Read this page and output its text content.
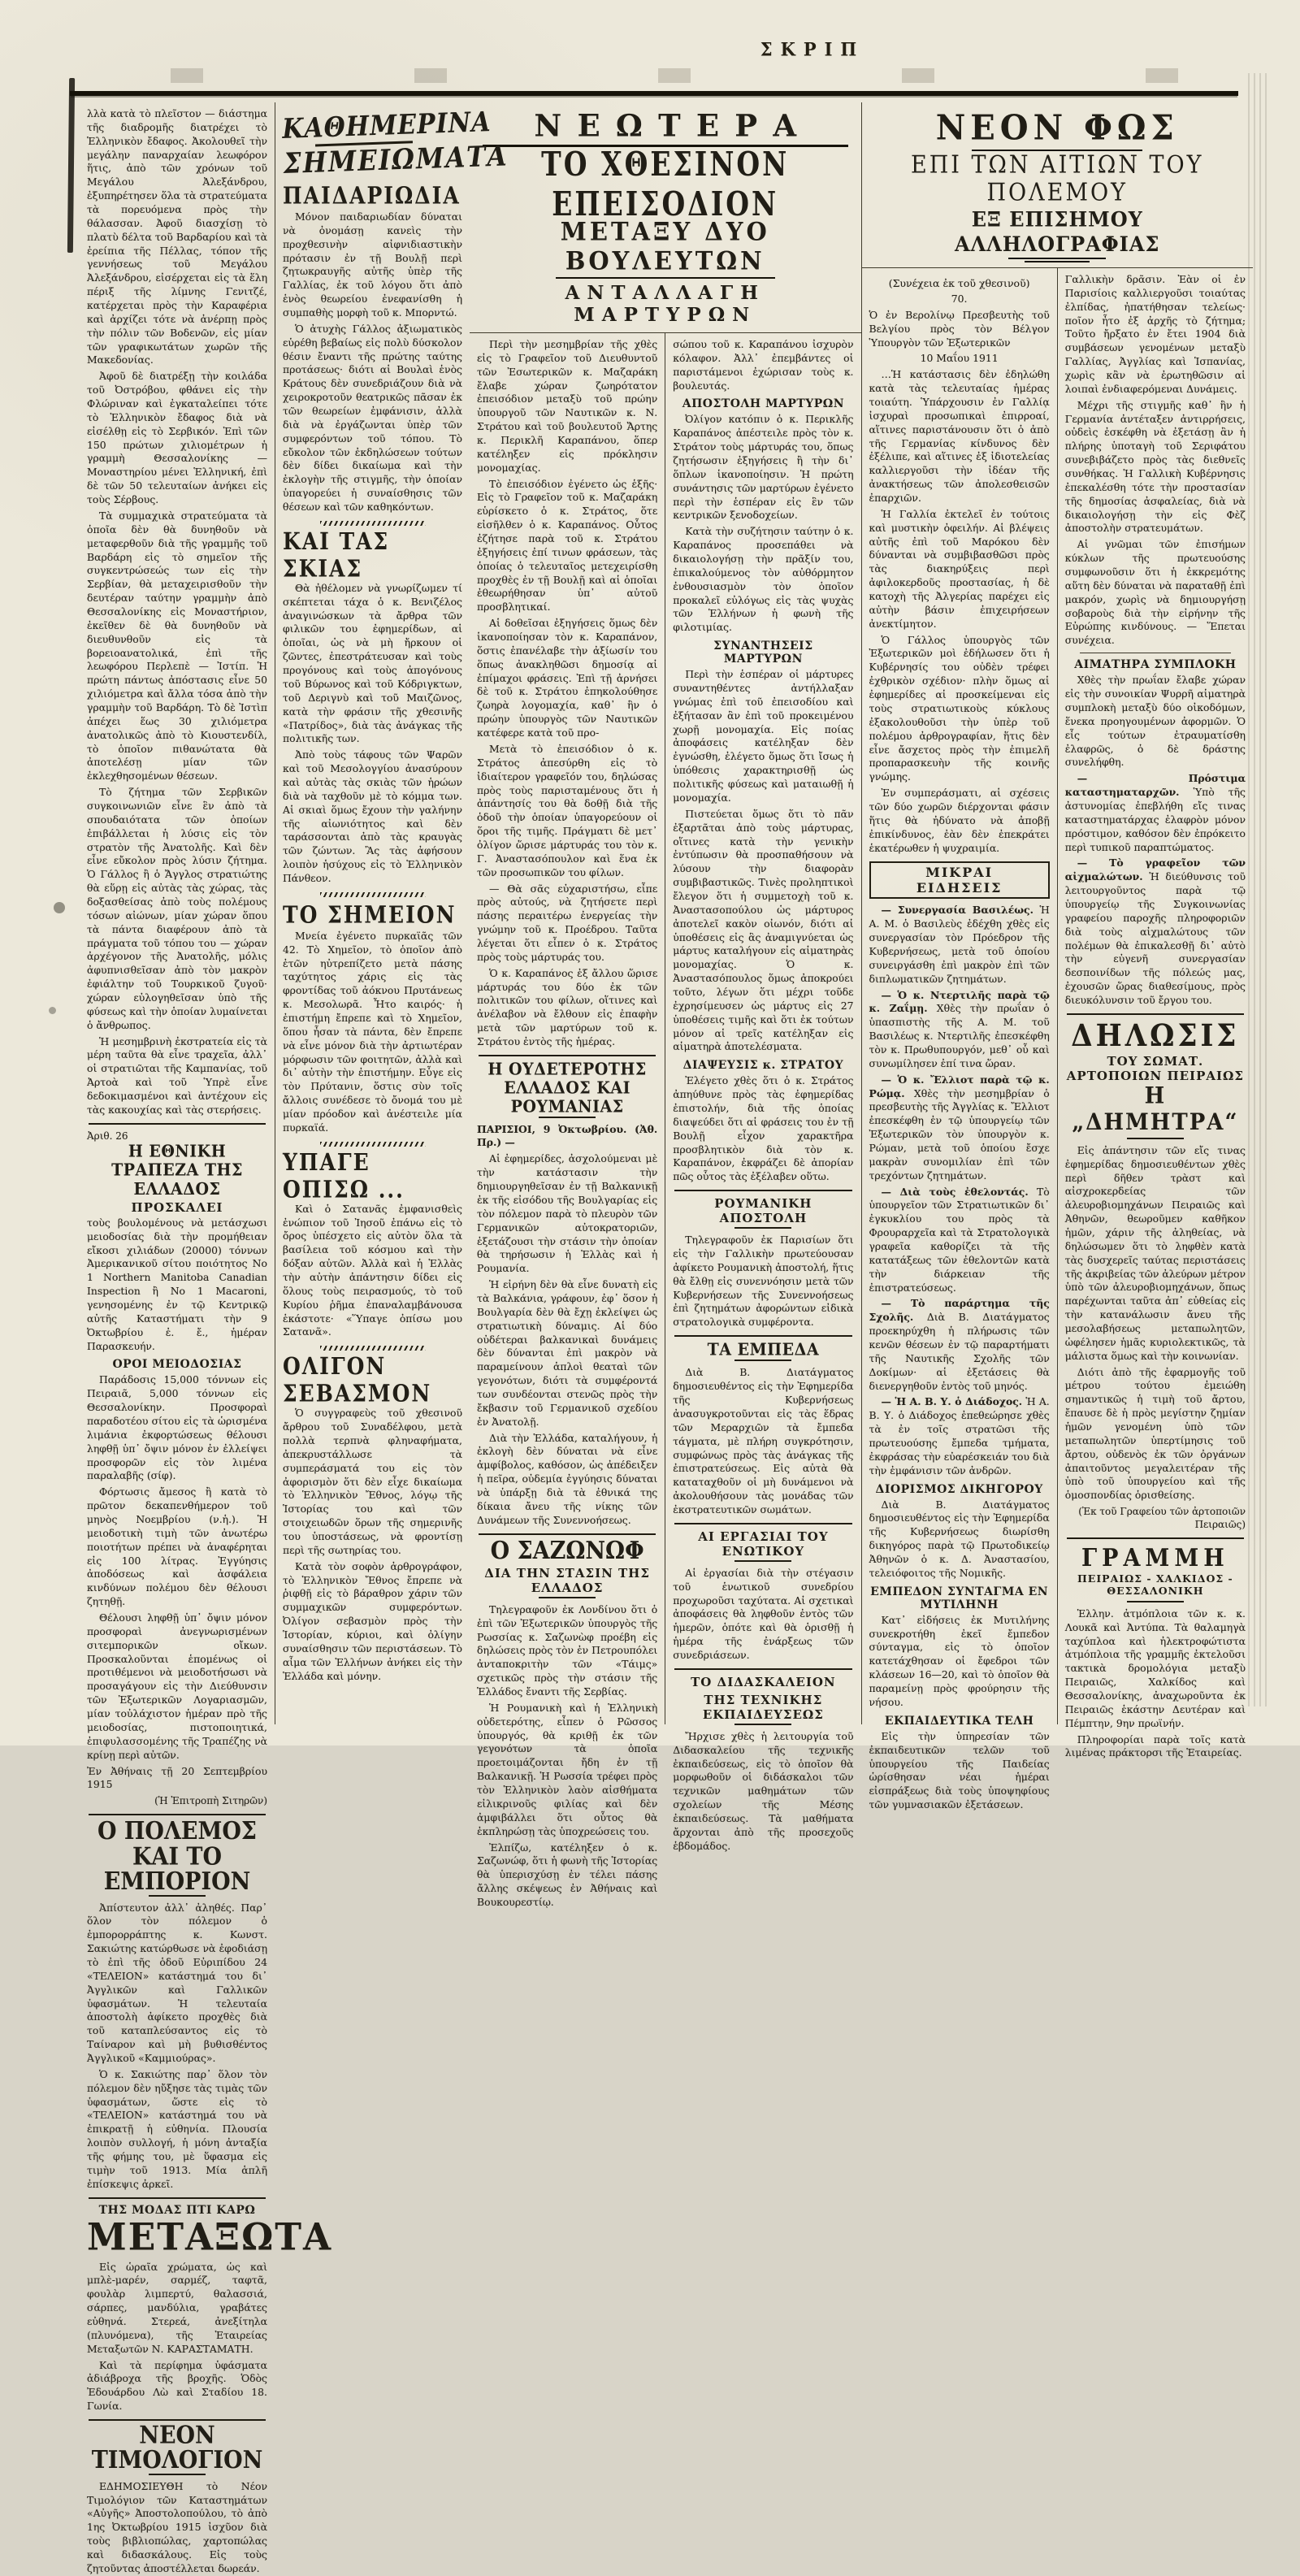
ΣΚΡΙΠ

λλὰ κατὰ τὸ πλεῖστον — διάστημα τῆς διαδρομῆς διατρέχει τὸ Ἑλληνικὸν ἔδαφος. Ἀκολουθεῖ τὴν μεγάλην παναρχαίαν λεωφόρον ἥτις, ἀπὸ τῶν χρόνων τοῦ Μεγάλου Ἀλεξάνδρου, ἐξυπηρέτησεν ὅλα τὰ στρατεύματα τὰ πορευόμενα πρὸς τὴν θάλασσαν. Ἀφοῦ διασχίσῃ τὸ πλατὺ δέλτα τοῦ Βαρδαρίου καὶ τὰ ἐρείπια τῆς Πέλλας, τόπον τῆς γεννήσεως τοῦ Μεγάλου Ἀλεξάνδρου, εἰσέρχεται εἰς τὰ ἕλη πέριξ τῆς λίμνης Γενιτζέ, κατέρχεται πρὸς τὴν Καραφέρια καὶ ἀρχίζει τότε νὰ ἀνέρπῃ πρὸς τὴν πόλιν τῶν Βοδενῶν, εἰς μίαν τῶν γραφικωτάτων χωρῶν τῆς Μακεδονίας.

Ἀφοῦ δὲ διατρέξῃ τὴν κοιλάδα τοῦ Ὀστρόβου, φθάνει εἰς τὴν Φλώριναν καὶ ἐγκαταλείπει τότε τὸ Ἑλληνικὸν ἔδαφος διὰ νὰ εἰσέλθῃ εἰς τὸ Σερβικόν. Ἐπὶ τῶν 150 πρώτων χιλιομέτρων ἡ γραμμὴ Θεσσαλονίκης — Μοναστηρίου μένει Ἑλληνική, ἐπὶ δὲ τῶν 50 τελευταίων ἀνήκει εἰς τοὺς Σέρβους.

Τὰ συμμαχικὰ στρατεύματα τὰ ὁποῖα δὲν θὰ δυνηθοῦν νὰ μεταφερθοῦν διὰ τῆς γραμμῆς τοῦ Βαρδάρη εἰς τὸ σημεῖον τῆς συγκεντρώσεώς των εἰς τὴν Σερβίαν, θὰ μεταχειρισθοῦν τὴν δευτέραν ταύτην γραμμὴν ἀπὸ Θεσσαλονίκης εἰς Μοναστήριον, ἐκεῖθεν δὲ θὰ δυνηθοῦν νὰ διευθυνθοῦν εἰς τὰ βορειοανατολικά, ἐπὶ τῆς λεωφόρου Περλεπὲ — Ἰστίπ. Ἡ πρώτη πάντως ἀπόστασις εἶνε 50 χιλιόμετρα καὶ ἄλλα τόσα ἀπὸ τὴν γραμμὴν τοῦ Βαρδάρη. Τὸ δὲ Ἰστὶπ ἀπέχει ἕως 30 χιλιόμετρα ἀνατολικῶς ἀπὸ τὸ Κιουστενδίλ, τὸ ὁποῖον πιθανώτατα θὰ ἀποτελέσῃ μίαν τῶν ἐκλεχθησομένων θέσεων.

Τὸ ζήτημα τῶν Σερβικῶν συγκοινωνιῶν εἶνε ἓν ἀπὸ τὰ σπουδαιότατα τῶν ὁποίων ἐπιβάλλεται ἡ λύσις εἰς τὸν στρατὸν τῆς Ἀνατολῆς. Καὶ δὲν εἶνε εὔκολον πρὸς λύσιν ζήτημα. Ὁ Γάλλος ἢ ὁ Ἄγγλος στρατιώτης θὰ εὕρῃ εἰς αὐτὰς τὰς χώρας, τὰς δοξασθείσας ἀπὸ τοὺς πολέμους τόσων αἰώνων, μίαν χώραν ὅπου τὰ πάντα διαφέρουν ἀπὸ τὰ πράγματα τοῦ τόπου του — χώραν ἀρχέγονον τῆς Ἀνατολῆς, μόλις ἀφυπνισθεῖσαν ἀπὸ τὸν μακρὸν ἐφιάλτην τοῦ Τουρκικοῦ ζυγοῦ· χώραν εὐλογηθεῖσαν ὑπὸ τῆς φύσεως καὶ τὴν ὁποίαν λυμαίνεται ὁ ἄνθρωπος.

Ἡ μεσημβρινὴ ἐκστρατεία εἰς τὰ μέρη ταῦτα θὰ εἶνε τραχεῖα, ἀλλ᾽ οἱ στρατιῶται τῆς Καμπανίας, τοῦ Ἀρτοὰ καὶ τοῦ Ὑπρὲ εἶνε δεδοκιμασμένοι καὶ ἀντέχουν εἰς τὰς κακουχίας καὶ τὰς στερήσεις.

Ἀριθ. 26

Η ΕΘΝΙΚΗ ΤΡΑΠΕΖΑ ΤΗΣ ΕΛΛΑΔΟΣ
ΠΡΟΣΚΑΛΕΙ

τοὺς βουλομένους νὰ μετάσχωσι μειοδοσίας διὰ τὴν προμήθειαν εἴκοσι χιλιάδων (20000) τόννων Ἀμερικανικοῦ σίτου ποιότητος Νο 1 Northern Manitoba Canadian Inspection ἢ Νο 1 Macaroni, γενησομένης ἐν τῷ Κεντρικῷ αὐτῆς Καταστήματι τὴν 9 Ὀκτωβρίου ἐ. ἔ., ἡμέραν Παρασκευήν.

ΟΡΟΙ ΜΕΙΟΔΟΣΙΑΣ

Παράδοσις 15,000 τόννων εἰς Πειραιᾶ, 5,000 τόννων εἰς Θεσσαλονίκην. Προσφοραὶ παραδοτέου σίτου εἰς τὰ ὡρισμένα λιμάνια ἐκφορτώσεως θέλουσι ληφθῇ ὑπ᾽ ὄψιν μόνον ἐν ἐλλείψει προσφορῶν εἰς τὸν λιμένα παραλαβῆς (σίφ).

Φόρτωσις ἄμεσος ἢ κατὰ τὸ πρῶτον δεκαπενθήμερον τοῦ μηνὸς Νοεμβρίου (ν.ἡ.). Ἡ μειοδοτικὴ τιμὴ τῶν ἀνωτέρω ποιοτήτων πρέπει νὰ ἀναφέρηται εἰς 100 λίτρας. Ἐγγύησις ἀποδόσεως καὶ ἀσφάλεια κινδύνων πολέμου δὲν θέλουσι ζητηθῇ.

Θέλουσι ληφθῇ ὑπ᾽ ὄψιν μόνον προσφοραὶ ἀνεγνωρισμένων σιτεμπορικῶν οἴκων. Προσκαλοῦνται ἑπομένως οἱ προτιθέμενοι νὰ μειοδοτήσωσι νὰ προσαγάγουν εἰς τὴν Διεύθυνσιν τῶν Ἐξωτερικῶν Λογαριασμῶν, μίαν τοὐλάχιστον ἡμέραν πρὸ τῆς μειοδοσίας, πιστοποιητικά, ἐπιφυλασσομένης τῆς Τραπέζης νὰ κρίνῃ περὶ αὐτῶν.

Ἐν Ἀθήναις τῇ 20 Σεπτεμβρίου 1915

(Ἡ Ἐπιτροπὴ Σιτηρῶν)

Ο ΠΟΛΕΜΟΣ
ΚΑΙ ΤΟ ΕΜΠΟΡΙΟΝ

Ἀπίστευτον ἀλλ᾽ ἀληθές. Παρ᾽ ὅλον τὸν πόλεμον ὁ ἐμπορορράπτης κ. Κωνστ. Σακιώτης κατώρθωσε νὰ ἐφοδιάσῃ τὸ ἐπὶ τῆς ὁδοῦ Εὐριπίδου 24 «ΤΕΛΕΙΟΝ» κατάστημά του δι᾽ Ἀγγλικῶν καὶ Γαλλικῶν ὑφασμάτων. Ἡ τελευταία ἀποστολὴ ἀφίκετο προχθὲς διὰ τοῦ καταπλεύσαντος εἰς τὸ Ταίναρον καὶ μὴ βυθισθέντος Ἀγγλικοῦ «Καμμιούρας».

Ὁ κ. Σακιώτης παρ᾽ ὅλον τὸν πόλεμον δὲν ηὔξησε τὰς τιμὰς τῶν ὑφασμάτων, ὥστε εἰς τὸ «ΤΕΛΕΙΟΝ» κατάστημά του νὰ ἐπικρατῇ ἡ εὐθηνία. Πλουσία λοιπὸν συλλογή, ἡ μόνη ἀνταξία τῆς φήμης του, μὲ ὕφασμα εἰς τιμὴν τοῦ 1913. Μία ἁπλῆ ἐπίσκεψις ἀρκεῖ.

ΤΗΣ ΜΟΔΑΣ ΠΤΙ ΚΑΡΩ
ΜΕΤΑΞΩΤΑ

Εἰς ὡραῖα χρώματα, ὡς καὶ μπλὲ-μαρέν, σαρμέζ, ταφτᾶ, φουλὰρ λιμπερτύ, θαλασσιά, σάρπες, μανδύλια, γραβάτες εὐθηνά. Στερεά, ἀνεξίτηλα (πλυνόμενα), τῆς Ἑταιρείας Μεταξωτῶν Ν. ΚΑΡΑΣΤΑΜΑΤΗ.

Καὶ τὰ περίφημα ὑφάσματα ἀδιάβροχα τῆς βροχῆς. Ὁδὸς Ἐδουάρδου Λὼ καὶ Σταδίου 18. Γωνία.

ΝΕΟΝ ΤΙΜΟΛΟΓΙΟΝ

ΕΔΗΜΟΣΙΕΥΘΗ τὸ Νέον Τιμολόγιον τῶν Καταστημάτων «Αὐγῆς» Ἀποστολοπούλου, τὸ ἀπὸ 1ης Ὀκτωβρίου 1915 ἰσχῦον διὰ τοὺς βιβλιοπώλας, χαρτοπώλας καὶ διδασκάλους. Εἰς τοὺς ζητοῦντας ἀποστέλλεται δωρεάν.

ΚΑΘΗΜΕΡΙΝΑ
ΣΗΜΕΙΩΜΑΤΑ
ΠΑΙΔΑΡΙΩΔΙΑ

Μόνον παιδαριωδίαν δύναται νὰ ὀνομάσῃ κανεὶς τὴν προχθεσινὴν αἰφνιδιαστικὴν πρότασιν ἐν τῇ Βουλῇ περὶ ζητωκραυγῆς αὐτῆς ὑπὲρ τῆς Γαλλίας, ἐκ τοῦ λόγου ὅτι ἀπὸ ἑνὸς θεωρείου ἐνεφανίσθη ἡ συμπαθὴς μορφὴ τοῦ κ. Μπορντώ.

Ὁ ἀτυχὴς Γάλλος ἀξιωματικὸς εὑρέθη βεβαίως εἰς πολὺ δύσκολον θέσιν ἔναντι τῆς πρώτης ταύτης προτάσεως· διότι αἱ Βουλαὶ ἑνὸς Κράτους δὲν συνεδριάζουν διὰ νὰ χειροκροτοῦν θεατρικῶς πᾶσαν ἐκ τῶν θεωρείων ἐμφάνισιν, ἀλλὰ διὰ νὰ ἐργάζωνται ὑπὲρ τῶν συμφερόντων τοῦ τόπου. Τὸ εὔκολον τῶν ἐκδηλώσεων τούτων δὲν δίδει δικαίωμα καὶ τὴν ἐκλογὴν τῆς στιγμῆς, τὴν ὁποίαν ὑπαγορεύει ἡ συναίσθησις τῶν θέσεων καὶ τῶν καθηκόντων.

ΚΑΙ ΤΑΣ ΣΚΙΑΣ

Θὰ ἠθέλομεν νὰ γνωρίζωμεν τί σκέπτεται τάχα ὁ κ. Βενιζέλος ἀναγινώσκων τὰ ἄρθρα τῶν φιλικῶν του ἐφημερίδων, αἱ ὁποῖαι, ὡς νὰ μὴ ἤρκουν οἱ ζῶντες, ἐπεστράτευσαν καὶ τοὺς προγόνους καὶ τοὺς ἀπογόνους τοῦ Βύρωνος καὶ τοῦ Κόδριγκτων, τοῦ Δεριγνὺ καὶ τοῦ Μαιζῶνος, κατὰ τὴν φράσιν τῆς χθεσινῆς «Πατρίδος», διὰ τὰς ἀνάγκας τῆς πολιτικῆς των.

Ἀπὸ τοὺς τάφους τῶν Ψαρῶν καὶ τοῦ Μεσολογγίου ἀνασύρουν καὶ αὐτὰς τὰς σκιὰς τῶν ἡρώων διὰ νὰ ταχθοῦν μὲ τὸ κόμμα των. Αἱ σκιαὶ ὅμως ἔχουν τὴν γαλήνην τῆς αἰωνιότητος καὶ δὲν ταράσσονται ἀπὸ τὰς κραυγὰς τῶν ζώντων. Ἂς τὰς ἀφήσουν λοιπὸν ἡσύχους εἰς τὸ Ἑλληνικὸν Πάνθεον.

ΤΟ ΣΗΜΕΙΟΝ

Μνεία ἐγένετο πυρκαϊᾶς τῶν 42. Τὸ Χημεῖον, τὸ ὁποῖον ἀπὸ ἐτῶν ηὐτρεπίζετο μετὰ πάσης ταχύτητος χάρις εἰς τὰς φροντίδας τοῦ ἀόκνου Πρυτάνεως κ. Μεσολωρᾶ. Ἦτο καιρός· ἡ ἐπιστήμη ἔπρεπε καὶ τὸ Χημεῖον, ὅπου ἦσαν τὰ πάντα, δὲν ἔπρεπε νὰ εἶνε μόνον διὰ τὴν ἀρτιωτέραν μόρφωσιν τῶν φοιτητῶν, ἀλλὰ καὶ δι᾽ αὐτὴν τὴν ἐπιστήμην. Εὖγε εἰς τὸν Πρύτανιν, ὅστις σὺν τοῖς ἄλλοις συνέδεσε τὸ ὄνομά του μὲ μίαν πρόοδον καὶ ἀνέστειλε μία πυρκαϊά.

ΥΠΑΓΕ ΟΠΙΣΩ ...

Καὶ ὁ Σατανᾶς ἐμφανισθεὶς ἐνώπιον τοῦ Ἰησοῦ ἐπάνω εἰς τὸ ὄρος ὑπέσχετο εἰς αὐτὸν ὅλα τὰ βασίλεια τοῦ κόσμου καὶ τὴν δόξαν αὐτῶν. Ἀλλὰ καὶ ἡ Ἑλλὰς τὴν αὐτὴν ἀπάντησιν δίδει εἰς ὅλους τοὺς πειρασμούς, τὸ τοῦ Κυρίου ῥῆμα ἐπαναλαμβάνουσα ἑκάστοτε· «Ὕπαγε ὀπίσω μου Σατανᾶ».

ΟΛΙΓΟΝ ΣΕΒΑΣΜΟΝ

Ὁ συγγραφεὺς τοῦ χθεσινοῦ ἄρθρου τοῦ Συναδέλφου, μετὰ πολλὰ τερπνὰ φληναφήματα, ἀπεκρυστάλλωσε τὰ συμπεράσματά του εἰς τὸν ἀφορισμὸν ὅτι δὲν εἶχε δικαίωμα τὸ Ἑλληνικὸν Ἔθνος, λόγῳ τῆς Ἱστορίας του καὶ τῶν στοιχειωδῶν ὅρων τῆς σημερινῆς του ὑποστάσεως, νὰ φροντίσῃ περὶ τῆς σωτηρίας του.

Κατὰ τὸν σοφὸν ἀρθρογράφον, τὸ Ἑλληνικὸν Ἔθνος ἔπρεπε νὰ ῥιφθῇ εἰς τὸ βάραθρον χάριν τῶν συμμαχικῶν συμφερόντων. Ὀλίγον σεβασμὸν πρὸς τὴν Ἱστορίαν, κύριοι, καὶ ὀλίγην συναίσθησιν τῶν περιστάσεων. Τὸ αἷμα τῶν Ἑλλήνων ἀνήκει εἰς τὴν Ἑλλάδα καὶ μόνην.

ΝΕΩΤΕΡΑ
ΤΟ ΧΘΕΣΙΝΟΝ ΕΠΕΙΣΟΔΙΟΝ
ΜΕΤΑΞΥ ΔΥΟ ΒΟΥΛΕΥΤΩΝ
ΑΝΤΑΛΛΑΓΗ ΜΑΡΤΥΡΩΝ

Περὶ τὴν μεσημβρίαν τῆς χθὲς εἰς τὸ Γραφεῖον τοῦ Διευθυντοῦ τῶν Ἐσωτερικῶν κ. Μαζαράκη ἔλαβε χώραν ζωηρότατον ἐπεισόδιον μεταξὺ τοῦ πρώην ὑπουργοῦ τῶν Ναυτικῶν κ. Ν. Στράτου καὶ τοῦ βουλευτοῦ Ἄρτης κ. Περικλῆ Καραπάνου, ὅπερ κατέληξεν εἰς πρόκλησιν μονομαχίας.

Τὸ ἐπεισόδιον ἐγένετο ὡς ἑξῆς· Εἰς τὸ Γραφεῖον τοῦ κ. Μαζαράκη εὑρίσκετο ὁ κ. Στράτος, ὅτε εἰσῆλθεν ὁ κ. Καραπάνος. Οὗτος ἐζήτησε παρὰ τοῦ κ. Στράτου ἐξηγήσεις ἐπί τινων φράσεων, τὰς ὁποίας ὁ τελευταῖος μετεχειρίσθη προχθὲς ἐν τῇ Βουλῇ καὶ αἱ ὁποῖαι ἐθεωρήθησαν ὑπ᾽ αὐτοῦ προσβλητικαί.

Αἱ δοθεῖσαι ἐξηγήσεις ὅμως δὲν ἱκανοποίησαν τὸν κ. Καραπάνον, ὅστις ἐπανέλαβε τὴν ἀξίωσίν του ὅπως ἀνακληθῶσι δημοσίᾳ αἱ ἐπίμαχοι φράσεις. Ἐπὶ τῇ ἀρνήσει δὲ τοῦ κ. Στράτου ἐπηκολούθησε ζωηρὰ λογομαχία, καθ᾽ ἣν ὁ πρώην ὑπουργὸς τῶν Ναυτικῶν κατέφερε κατὰ τοῦ προ-

Μετὰ τὸ ἐπεισόδιον ὁ κ. Στράτος ἀπεσύρθη εἰς τὸ ἰδιαίτερον γραφεῖόν του, δηλώσας πρὸς τοὺς παρισταμένους ὅτι ἡ ἀπάντησίς του θὰ δοθῇ διὰ τῆς ὁδοῦ τὴν ὁποίαν ὑπαγορεύουν οἱ ὅροι τῆς τιμῆς. Πράγματι δὲ μετ᾽ ὀλίγον ὥρισε μάρτυράς του τὸν κ. Γ. Ἀναστασόπουλον καὶ ἕνα ἐκ τῶν προσωπικῶν του φίλων.

— Θὰ σᾶς εὐχαριστήσω, εἶπε πρὸς αὐτούς, νὰ ζητήσετε περὶ πάσης περαιτέρω ἐνεργείας τὴν γνώμην τοῦ κ. Προέδρου. Ταῦτα λέγεται ὅτι εἶπεν ὁ κ. Στράτος πρὸς τοὺς μάρτυράς του.

Ὁ κ. Καραπάνος ἐξ ἄλλου ὥρισε μάρτυράς του δύο ἐκ τῶν πολιτικῶν του φίλων, οἵτινες καὶ ἀνέλαβον νὰ ἔλθουν εἰς ἐπαφὴν μετὰ τῶν μαρτύρων τοῦ κ. Στράτου ἐντὸς τῆς ἡμέρας.

Η ΟΥΔΕΤΕΡΟΤΗΣ
ΕΛΛΑΔΟΣ ΚΑΙ ΡΟΥΜΑΝΙΑΣ

ΠΑΡΙΣΙΟΙ, 9 Ὀκτωβρίου. (Ἀθ. Πρ.) —

Αἱ ἐφημερίδες, ἀσχολούμεναι μὲ τὴν κατάστασιν τὴν δημιουργηθεῖσαν ἐν τῇ Βαλκανικῇ ἐκ τῆς εἰσόδου τῆς Βουλγαρίας εἰς τὸν πόλεμον παρὰ τὸ πλευρὸν τῶν Γερμανικῶν αὐτοκρατοριῶν, ἐξετάζουσι τὴν στάσιν τὴν ὁποίαν θὰ τηρήσωσιν ἡ Ἑλλὰς καὶ ἡ Ρουμανία.

Ἡ εἰρήνη δὲν θὰ εἶνε δυνατὴ εἰς τὰ Βαλκάνια, γράφουν, ἐφ᾽ ὅσον ἡ Βουλγαρία δὲν θὰ ἔχῃ ἐκλείψει ὡς στρατιωτικὴ δύναμις. Αἱ δύο οὐδέτεραι βαλκανικαὶ δυνάμεις δὲν δύνανται ἐπὶ μακρὸν νὰ παραμείνουν ἁπλοὶ θεαταὶ τῶν γεγονότων, διότι τὰ συμφέροντά των συνδέονται στενῶς πρὸς τὴν ἔκβασιν τοῦ Γερμανικοῦ σχεδίου ἐν Ἀνατολῇ.

Διὰ τὴν Ἑλλάδα, καταλήγουν, ἡ ἐκλογὴ δὲν δύναται νὰ εἶνε ἀμφίβολος, καθόσον, ὡς ἀπέδειξεν ἡ πεῖρα, οὐδεμία ἐγγύησις δύναται νὰ ὑπάρξῃ διὰ τὰ ἐθνικά της δίκαια ἄνευ τῆς νίκης τῶν Δυνάμεων τῆς Συνεννοήσεως.

Ο ΣΑΖΩΝΩΦ
ΔΙΑ ΤΗΝ ΣΤΑΣΙΝ ΤΗΣ ΕΛΛΑΔΟΣ

Τηλεγραφοῦν ἐκ Λονδίνου ὅτι ὁ ἐπὶ τῶν Ἐξωτερικῶν ὑπουργὸς τῆς Ρωσσίας κ. Σαζωνὼφ προέβη εἰς δηλώσεις πρὸς τὸν ἐν Πετρουπόλει ἀνταποκριτὴν τῶν «Τάιμς» σχετικῶς πρὸς τὴν στάσιν τῆς Ἑλλάδος ἔναντι τῆς Σερβίας.

Ἡ Ρουμανικὴ καὶ ἡ Ἑλληνικὴ οὐδετερότης, εἶπεν ὁ Ρῶσσος ὑπουργός, θὰ κριθῇ ἐκ τῶν γεγονότων τὰ ὁποῖα προετοιμάζονται ἤδη ἐν τῇ Βαλκανικῇ. Ἡ Ρωσσία τρέφει πρὸς τὸν Ἑλληνικὸν λαὸν αἰσθήματα εἰλικρινοῦς φιλίας καὶ δὲν ἀμφιβάλλει ὅτι οὗτος θὰ ἐκπληρώσῃ τὰς ὑποχρεώσεις του.

Ἐλπίζω, κατέληξεν ὁ κ. Σαζωνώφ, ὅτι ἡ φωνὴ τῆς Ἱστορίας θὰ ὑπερισχύσῃ ἐν τέλει πάσης ἄλλης σκέψεως ἐν Ἀθήναις καὶ Βουκουρεστίῳ.

σώπου τοῦ κ. Καραπάνου ἰσχυρὸν κόλαφον. Ἀλλ᾽ ἐπεμβάντες οἱ παριστάμενοι ἐχώρισαν τοὺς κ. βουλευτάς.

ΑΠΟΣΤΟΛΗ ΜΑΡΤΥΡΩΝ

Ὀλίγον κατόπιν ὁ κ. Περικλῆς Καραπάνος ἀπέστειλε πρὸς τὸν κ. Στράτον τοὺς μάρτυράς του, ὅπως ζητήσωσιν ἐξηγήσεις ἢ τὴν δι᾽ ὅπλων ἱκανοποίησιν. Ἡ πρώτη συνάντησις τῶν μαρτύρων ἐγένετο περὶ τὴν ἑσπέραν εἰς ἓν τῶν κεντρικῶν ξενοδοχείων.

Κατὰ τὴν συζήτησιν ταύτην ὁ κ. Καραπάνος προσεπάθει νὰ δικαιολογήσῃ τὴν πρᾶξίν του, ἐπικαλούμενος τὸν αὐθόρμητον ἐνθουσιασμὸν τὸν ὁποῖον προκαλεῖ εὐλόγως εἰς τὰς ψυχὰς τῶν Ἑλλήνων ἡ φωνὴ τῆς φιλοτιμίας.

ΣΥΝΑΝΤΗΣΕΙΣ ΜΑΡΤΥΡΩΝ

Περὶ τὴν ἑσπέραν οἱ μάρτυρες συναντηθέντες ἀντήλλαξαν γνώμας ἐπὶ τοῦ ἐπεισοδίου καὶ ἐξήτασαν ἂν ἐπὶ τοῦ προκειμένου χωρῇ μονομαχία. Εἰς ποίας ἀποφάσεις κατέληξαν δὲν ἐγνώσθη, ἐλέγετο ὅμως ὅτι ἴσως ἡ ὑπόθεσις χαρακτηρισθῇ ὡς πολιτικῆς φύσεως καὶ ματαιωθῇ ἡ μονομαχία.

Πιστεύεται ὅμως ὅτι τὸ πᾶν ἐξαρτᾶται ἀπὸ τοὺς μάρτυρας, οἵτινες κατὰ τὴν γενικὴν ἐντύπωσιν θὰ προσπαθήσουν νὰ λύσουν τὴν διαφορὰν συμβιβαστικῶς. Τινὲς προληπτικοὶ ἔλεγον ὅτι ἡ συμμετοχὴ τοῦ κ. Ἀναστασοπούλου ὡς μάρτυρος ἀποτελεῖ κακὸν οἰωνόν, διότι αἱ ὑποθέσεις εἰς ἃς ἀναμιγνύεται ὡς μάρτυς καταλήγουν εἰς αἱματηρὰς μονομαχίας. Ὁ κ. Ἀναστασόπουλος ὅμως ἀποκρούει τοῦτο, λέγων ὅτι μέχρι τοῦδε ἐχρησίμευσεν ὡς μάρτυς εἰς 27 ὑποθέσεις τιμῆς καὶ ὅτι ἐκ τούτων μόνον αἱ τρεῖς κατέληξαν εἰς αἱματηρὰ ἀποτελέσματα.

ΔΙΑΨΕΥΣΙΣ κ. ΣΤΡΑΤΟΥ

Ἐλέγετο χθὲς ὅτι ὁ κ. Στράτος ἀπηύθυνε πρὸς τὰς ἐφημερίδας ἐπιστολήν, διὰ τῆς ὁποίας διαψεύδει ὅτι αἱ φράσεις του ἐν τῇ Βουλῇ εἶχον χαρακτῆρα προσβλητικὸν διὰ τὸν κ. Καραπάνον, ἐκφράζει δὲ ἀπορίαν πῶς οὗτος τὰς ἐξέλαβεν οὕτω.

ΡΟΥΜΑΝΙΚΗ ΑΠΟΣΤΟΛΗ

Τηλεγραφοῦν ἐκ Παρισίων ὅτι εἰς τὴν Γαλλικὴν πρωτεύουσαν ἀφίκετο Ρουμανικὴ ἀποστολή, ἥτις θὰ ἔλθῃ εἰς συνεννόησιν μετὰ τῶν Κυβερνήσεων τῆς Συνεννοήσεως ἐπὶ ζητημάτων ἀφορώντων εἰδικὰ στρατολογικὰ συμφέροντα.

ΤΑ ΕΜΠΕΔΑ

Διὰ Β. Διατάγματος δημοσιευθέντος εἰς τὴν Ἐφημερίδα τῆς Κυβερνήσεως ἀνασυγκροτοῦνται εἰς τὰς ἕδρας τῶν Μεραρχιῶν τὰ ἔμπεδα τάγματα, μὲ πλήρη συγκρότησιν, συμφώνως πρὸς τὰς ἀνάγκας τῆς ἐπιστρατεύσεως. Εἰς αὐτὰ θὰ καταταχθοῦν οἱ μὴ δυνάμενοι νὰ ἀκολουθήσουν τὰς μονάδας τῶν ἐκστρατευτικῶν σωμάτων.

ΑΙ ΕΡΓΑΣΙΑΙ ΤΟΥ ΕΝΩΤΙΚΟΥ

Αἱ ἐργασίαι διὰ τὴν στέγασιν τοῦ ἑνωτικοῦ συνεδρίου προχωροῦσι ταχύτατα. Αἱ σχετικαὶ ἀποφάσεις θὰ ληφθοῦν ἐντὸς τῶν ἡμερῶν, ὁπότε καὶ θὰ ὁρισθῇ ἡ ἡμέρα τῆς ἐνάρξεως τῶν συνεδριάσεων.

ΤΟ ΔΙΔΑΣΚΑΛΕΙΟΝ
ΤΗΣ ΤΕΧΝΙΚΗΣ ΕΚΠΑΙΔΕΥΣΕΩΣ

Ἤρχισε χθὲς ἡ λειτουργία τοῦ Διδασκαλείου τῆς τεχνικῆς ἐκπαιδεύσεως, εἰς τὸ ὁποῖον θὰ μορφωθοῦν οἱ διδάσκαλοι τῶν τεχνικῶν μαθημάτων τῶν σχολείων τῆς Μέσης ἐκπαιδεύσεως. Τὰ μαθήματα ἄρχονται ἀπὸ τῆς προσεχοῦς ἑβδομάδος.

ΝΕΟΝ ΦΩΣ
ΕΠΙ ΤΩΝ ΑΙΤΙΩΝ ΤΟΥ ΠΟΛΕΜΟΥ
ΕΞ ΕΠΙΣΗΜΟΥ ΑΛΛΗΛΟΓΡΑΦΙΑΣ

(Συνέχεια ἐκ τοῦ χθεσινοῦ)

70.

Ὁ ἐν Βερολίνῳ Πρεσβευτὴς τοῦ Βελγίου πρὸς τὸν Βέλγον Ὑπουργὸν τῶν Ἐξωτερικῶν

10 Μαΐου 1911

…Ἡ κατάστασις δὲν ἐδηλώθη κατὰ τὰς τελευταίας ἡμέρας τοιαύτη. Ὑπάρχουσιν ἐν Γαλλίᾳ ἰσχυραὶ προσωπικαὶ ἐπιρροαί, αἵτινες παριστάνουσιν ὅτι ὁ ἀπὸ τῆς Γερμανίας κίνδυνος δὲν ἐξέλιπε, καὶ αἵτινες ἐξ ἰδιοτελείας καλλιεργοῦσι τὴν ἰδέαν τῆς ἀνακτήσεως τῶν ἀπολεσθεισῶν ἐπαρχιῶν.

Ἡ Γαλλία ἐκτελεῖ ἐν τούτοις καὶ μυστικὴν ὀφειλήν. Αἱ βλέψεις αὐτῆς ἐπὶ τοῦ Μαρόκου δὲν δύνανται νὰ συμβιβασθῶσι πρὸς τὰς διακηρύξεις περὶ ἀφιλοκερδοῦς προστασίας, ἡ δὲ κατοχὴ τῆς Ἀλγερίας παρέχει εἰς αὐτὴν βάσιν ἐπιχειρήσεων ἀνεκτίμητον.

Ὁ Γάλλος ὑπουργὸς τῶν Ἐξωτερικῶν μοὶ ἐδήλωσεν ὅτι ἡ Κυβέρνησίς του οὐδὲν τρέφει ἐχθρικὸν σχέδιον· πλὴν ὅμως αἱ ἐφημερίδες αἱ προσκείμεναι εἰς τοὺς στρατιωτικοὺς κύκλους ἐξακολουθοῦσι τὴν ὑπὲρ τοῦ πολέμου ἀρθρογραφίαν, ἥτις δὲν εἶνε ἄσχετος πρὸς τὴν ἐπιμελῆ προπαρασκευὴν τῆς κοινῆς γνώμης.

Ἐν συμπεράσματι, αἱ σχέσεις τῶν δύο χωρῶν διέρχονται φάσιν ἥτις θὰ ἠδύνατο νὰ ἀποβῇ ἐπικίνδυνος, ἐὰν δὲν ἐπεκράτει ἑκατέρωθεν ἡ ψυχραιμία.

ΜΙΚΡΑΙ ΕΙΔΗΣΕΙΣ

— Συνεργασία Βασιλέως. Ἡ Α. Μ. ὁ Βασιλεὺς ἐδέχθη χθὲς εἰς συνεργασίαν τὸν Πρόεδρον τῆς Κυβερνήσεως, μετὰ τοῦ ὁποίου συνειργάσθη ἐπὶ μακρὸν ἐπὶ τῶν διπλωματικῶν ζητημάτων.

— Ὁ κ. Ντερτιλῆς παρὰ τῷ κ. Ζαΐμῃ. Χθὲς τὴν πρωΐαν ὁ ὑπασπιστὴς τῆς Α. Μ. τοῦ Βασιλέως κ. Ντερτιλῆς ἐπεσκέφθη τὸν κ. Πρωθυπουργόν, μεθ᾽ οὗ καὶ συνωμίλησεν ἐπί τινα ὥραν.

— Ὁ κ. Ἔλλιοτ παρὰ τῷ κ. Ρώμᾳ. Χθὲς τὴν μεσημβρίαν ὁ πρεσβευτὴς τῆς Ἀγγλίας κ. Ἔλλιοτ ἐπεσκέφθη ἐν τῷ ὑπουργείῳ τῶν Ἐξωτερικῶν τὸν ὑπουργὸν κ. Ρώμαν, μετὰ τοῦ ὁποίου ἔσχε μακρὰν συνομιλίαν ἐπὶ τῶν τρεχόντων ζητημάτων.

— Διὰ τοὺς ἐθελοντάς. Τὸ ὑπουργεῖον τῶν Στρατιωτικῶν δι᾽ ἐγκυκλίου του πρὸς τὰ Φρουραρχεῖα καὶ τὰ Στρατολογικὰ γραφεῖα καθορίζει τὰ τῆς κατατάξεως τῶν ἐθελοντῶν κατὰ τὴν διάρκειαν τῆς ἐπιστρατεύσεως.

— Τὸ παράρτημα τῆς Σχολῆς. Διὰ Β. Διατάγματος προεκηρύχθη ἡ πλήρωσις τῶν κενῶν θέσεων ἐν τῷ παραρτήματι τῆς Ναυτικῆς Σχολῆς τῶν Δοκίμων· αἱ ἐξετάσεις θὰ διενεργηθοῦν ἐντὸς τοῦ μηνός.

— Ἡ Α. Β. Υ. ὁ Διάδοχος. Ἡ Α. Β. Υ. ὁ Διάδοχος ἐπεθεώρησε χθὲς τὰ ἐν τοῖς στρατῶσι τῆς πρωτευούσης ἔμπεδα τμήματα, ἐκφράσας τὴν εὐαρέσκειάν του διὰ τὴν ἐμφάνισιν τῶν ἀνδρῶν.

ΔΙΟΡΙΣΜΟΣ ΔΙΚΗΓΟΡΟΥ

Διὰ Β. Διατάγματος δημοσιευθέντος εἰς τὴν Ἐφημερίδα τῆς Κυβερνήσεως διωρίσθη δικηγόρος παρὰ τῷ Πρωτοδικείῳ Ἀθηνῶν ὁ κ. Δ. Ἀναστασίου, τελειόφοιτος τῆς Νομικῆς.

ΕΜΠΕΔΟΝ ΣΥΝΤΑΓΜΑ ΕΝ ΜΥΤΙΛΗΝΗ

Κατ᾽ εἰδήσεις ἐκ Μυτιλήνης συνεκροτήθη ἐκεῖ ἔμπεδον σύνταγμα, εἰς τὸ ὁποῖον κατετάχθησαν οἱ ἔφεδροι τῶν κλάσεων 16—20, καὶ τὸ ὁποῖον θὰ παραμείνῃ πρὸς φρούρησιν τῆς νήσου.

ΕΚΠΑΙΔΕΥΤΙΚΑ ΤΕΛΗ

Εἰς τὴν ὑπηρεσίαν τῶν ἐκπαιδευτικῶν τελῶν τοῦ ὑπουργείου τῆς Παιδείας ὡρίσθησαν νέαι ἡμέραι εἰσπράξεως διὰ τοὺς ὑποψηφίους τῶν γυμνασιακῶν ἐξετάσεων.

Γαλλικὴν δρᾶσιν. Ἐὰν οἱ ἐν Παρισίοις καλλιεργοῦσι τοιαύτας ἐλπίδας, ἠπατήθησαν τελείως· ποῖον ἦτο ἐξ ἀρχῆς τὸ ζήτημα; Τοῦτο ἤρξατο ἐν ἔτει 1904 διὰ συμβάσεων γενομένων μεταξὺ Γαλλίας, Ἀγγλίας καὶ Ἱσπανίας, χωρὶς κἂν νὰ ἐρωτηθῶσιν αἱ λοιπαὶ ἐνδιαφερόμεναι Δυνάμεις.

Μέχρι τῆς στιγμῆς καθ᾽ ἣν ἡ Γερμανία ἀντέταξεν ἀντιρρήσεις, οὐδεὶς ἐσκέφθη νὰ ἐξετάσῃ ἂν ἡ πλήρης ὑποταγὴ τοῦ Σεριφάτου συνεβιβάζετο πρὸς τὰς διεθνεῖς συνθήκας. Ἡ Γαλλικὴ Κυβέρνησις ἐπεκαλέσθη τότε τὴν προστασίαν τῆς δημοσίας ἀσφαλείας, διὰ νὰ δικαιολογήσῃ τὴν εἰς Φὲζ ἀποστολὴν στρατευμάτων.

Αἱ γνῶμαι τῶν ἐπισήμων κύκλων τῆς πρωτευούσης συμφωνοῦσιν ὅτι ἡ ἐκκρεμότης αὕτη δὲν δύναται νὰ παραταθῇ ἐπὶ μακρόν, χωρὶς νὰ δημιουργήσῃ σοβαροὺς διὰ τὴν εἰρήνην τῆς Εὐρώπης κινδύνους. — Ἕπεται συνέχεια.

ΑΙΜΑΤΗΡΑ ΣΥΜΠΛΟΚΗ

Χθὲς τὴν πρωΐαν ἔλαβε χώραν εἰς τὴν συνοικίαν Ψυρρῆ αἱματηρὰ συμπλοκὴ μεταξὺ δύο οἰκοδόμων, ἕνεκα προηγουμένων ἀφορμῶν. Ὁ εἷς τούτων ἐτραυματίσθη ἐλαφρῶς, ὁ δὲ δράστης συνελήφθη.

— Πρόστιμα καταστηματαρχῶν. Ὑπὸ τῆς ἀστυνομίας ἐπεβλήθη εἴς τινας καταστηματάρχας ἐλαφρὸν μόνον πρόστιμον, καθόσον δὲν ἐπρόκειτο περὶ τυπικοῦ παραπτώματος.

— Τὸ γραφεῖον τῶν αἰχμαλώτων. Ἡ διεύθυνσις τοῦ λειτουργοῦντος παρὰ τῷ ὑπουργείῳ τῆς Συγκοινωνίας γραφείου παροχῆς πληροφοριῶν διὰ τοὺς αἰχμαλώτους τῶν πολέμων θὰ ἐπικαλεσθῇ δι᾽ αὐτὸ τὴν εὐγενῆ συνεργασίαν δεσποινίδων τῆς πόλεώς μας, ἐχουσῶν ὥρας διαθεσίμους, πρὸς διευκόλυνσιν τοῦ ἔργου του.

ΔΗΛΩΣΙΣ
ΤΟΥ ΣΩΜΑΤ. ΑΡΤΟΠΟΙΩΝ ΠΕΙΡΑΙΩΣ
Η „ΔΗΜΗΤΡΑ“

Εἰς ἀπάντησιν τῶν εἴς τινας ἐφημερίδας δημοσιευθέντων χθὲς περὶ δῆθεν τρὰστ καὶ αἰσχροκερδείας τῶν ἀλευροβιομηχάνων Πειραιῶς καὶ Ἀθηνῶν, θεωροῦμεν καθῆκον ἡμῶν, χάριν τῆς ἀληθείας, νὰ δηλώσωμεν ὅτι τὸ ληφθὲν κατὰ τὰς δυσχερεῖς ταύτας περιστάσεις τῆς ἀκριβείας τῶν ἀλεύρων μέτρον ὑπὸ τῶν ἀλευροβιομηχάνων, ὅπως παρέχωνται ταῦτα ἀπ᾽ εὐθείας εἰς τὴν κατανάλωσιν ἄνευ τῆς μεσολαβήσεως μεταπωλητῶν, ὠφέλησεν ἡμᾶς κυριολεκτικῶς, τὰ μάλιστα ὅμως καὶ τὴν κοινωνίαν.

Διότι ἀπὸ τῆς ἐφαρμογῆς τοῦ μέτρου τούτου ἐμειώθη σημαντικῶς ἡ τιμὴ τοῦ ἄρτου, ἔπαυσε δὲ ἡ πρὸς μεγίστην ζημίαν ἡμῶν γενομένη ὑπὸ τῶν μεταπωλητῶν ὑπερτίμησις τοῦ ἄρτου, οὐδενὸς ἐκ τῶν ὀργάνων ἀπαιτοῦντος μεγαλειτέραν τῆς ὑπὸ τοῦ ὑπουργείου καὶ τῆς ὁμοσπονδίας ὁρισθείσης.

(Ἐκ τοῦ Γραφείου τῶν ἀρτοποιῶν Πειραιῶς)

ΓΡΑΜΜΗ
ΠΕΙΡΑΙΩΣ - ΧΑΛΚΙΔΟΣ - ΘΕΣΣΑΛΟΝΙΚΗ

Ἑλλην. ἀτμόπλοια τῶν κ. κ. Λουκᾶ καὶ Ἀντύπα. Τὰ θαλαμηγὰ ταχύπλοα καὶ ἠλεκτροφώτιστα ἀτμόπλοια τῆς γραμμῆς ἐκτελοῦσι τακτικὰ δρομολόγια μεταξὺ Πειραιῶς, Χαλκίδος καὶ Θεσσαλονίκης, ἀναχωροῦντα ἐκ Πειραιῶς ἑκάστην Δευτέραν καὶ Πέμπτην, 9ην πρωϊνήν.

Πληροφορίαι παρὰ τοῖς κατὰ λιμένας πράκτορσι τῆς Ἑταιρείας.
